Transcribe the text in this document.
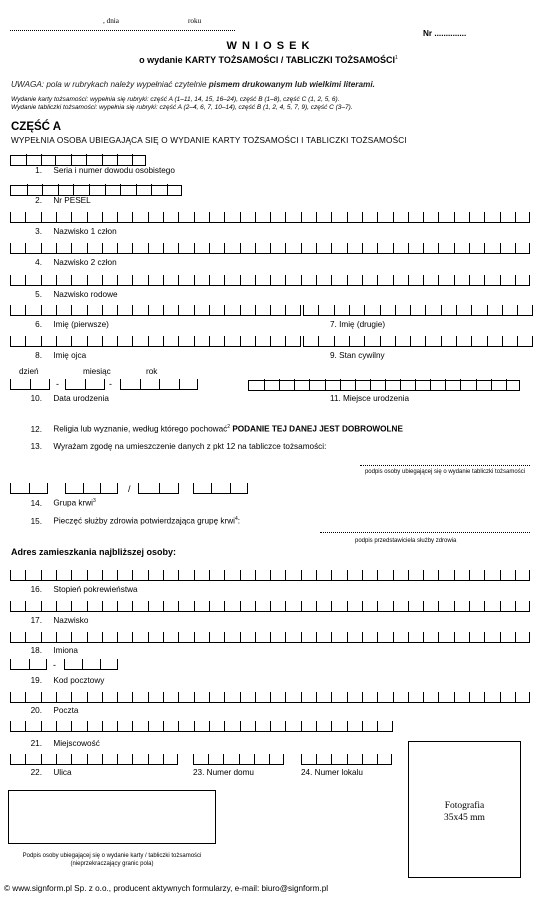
, dnia	roku
Nr ..............
W N I O S E K
o wydanie KARTY TOŻSAMOŚCI / TABLICZKI TOŻSAMOŚCI$^1$
UWAGA: pola w rubrykach należy wypełniać czytelnie pismem drukowanym lub wielkimi literami.
Wydanie karty tożsamości: wypełnia się rubryki: część A (1–11, 14, 15, 16–24), część B (1–8), część C (1, 2, 5, 6).
Wydanie tabliczki tożsamości: wypełnia się rubryki: część A (2–4, 6, 7, 10–14), część B (1, 2, 4, 5, 7, 9), część C (3–7).
CZĘŚĆ A
WYPEŁNIA OSOBA UBIEGAJĄCA SIĘ O WYDANIE KARTY TOŻSAMOŚCI I TABLICZKI TOŻSAMOŚCI
1. Seria i numer dowodu osobistego
2. Nr PESEL
3. Nazwisko 1 człon
4. Nazwisko 2 człon
5. Nazwisko rodowe
6. Imię (pierwsze)	7. Imię (drugie)
8. Imię ojca	9. Stan cywilny
dzień	miesiąc	rok
-	-
10. Data urodzenia	11. Miejsce urodzenia
12. Religia lub wyznanie, według którego pochować$^2$ PODANIE TEJ DANEJ JEST DOBROWOLNE
13. Wyrażam zgodę na umieszczenie danych z pkt 12 na tabliczce tożsamości:
podpis osoby ubiegającej się o wydanie tabliczki tożsamości
/
14. Grupa krwi$^3$
15. Pieczęć służby zdrowia potwierdzająca grupę krwi$^4$:
podpis przedstawiciela służby zdrowia
Adres zamieszkania najbliższej osoby:
16. Stopień pokrewieństwa
17. Nazwisko
18. Imiona
-
19. Kod pocztowy
20. Poczta
21. Miejscowość
22. Ulica	23. Numer domu	24. Numer lokalu
Fotografia
35x45 mm
Podpis osoby ubiegającej się o wydanie karty / tabliczki tożsamości
(nieprzekraczający granic pola)
© www.signform.pl Sp. z o.o., producent aktywnych formularzy, e-mail: biuro@signform.pl
